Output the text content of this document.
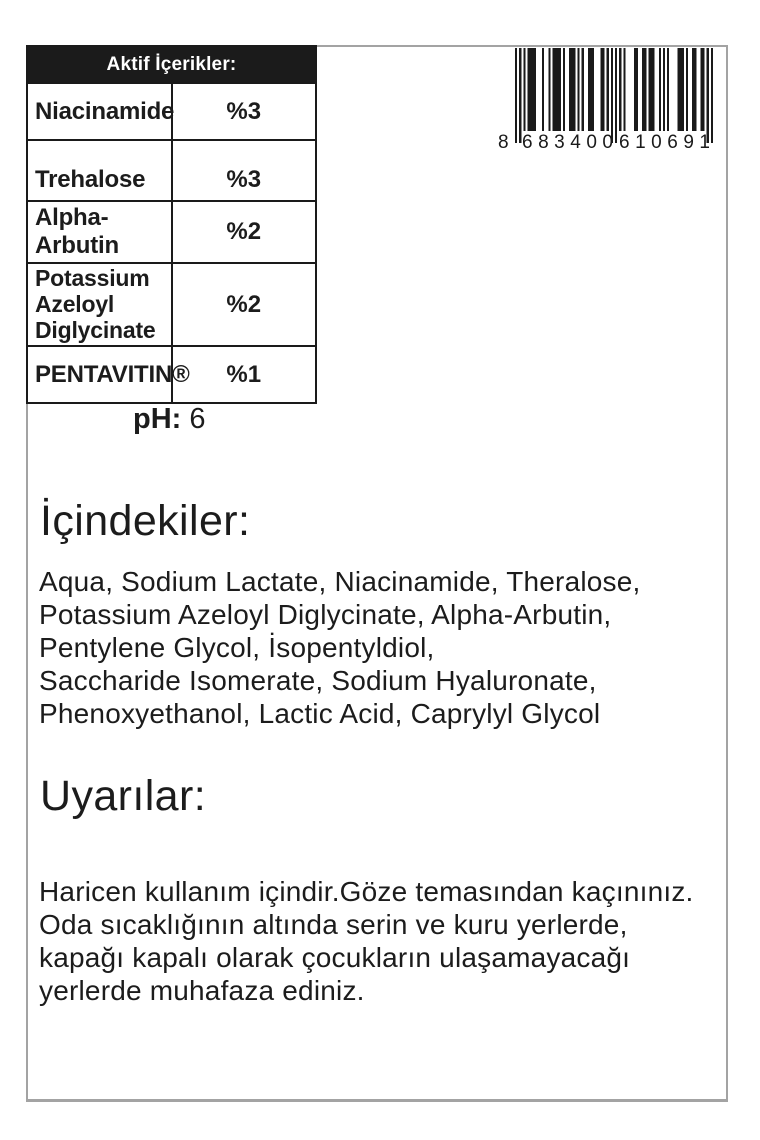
Aktif İçerikler:	
Niacinamide	%3
Trehalose	%3
Alpha-Arbutin	%2
Potassium Azeloyl Diglycinate	%2
PENTAVITIN®	%1
8 6 8 3 4 0 0 6 1 0 6 9 1
pH: 6
İçindekiler:

Aqua, Sodium Lactate, Niacinamide, Theralose,
Potassium Azeloyl Diglycinate, Alpha-Arbutin,
Pentylene Glycol, İsopentyldiol,
Saccharide Isomerate, Sodium Hyaluronate,
Phenoxyethanol, Lactic Acid, Caprylyl Glycol

Uyarılar:

Haricen kullanım içindir.Göze temasından kaçınınız.
Oda sıcaklığının altında serin ve kuru yerlerde,
kapağı kapalı olarak çocukların ulaşamayacağı
yerlerde muhafaza ediniz.
